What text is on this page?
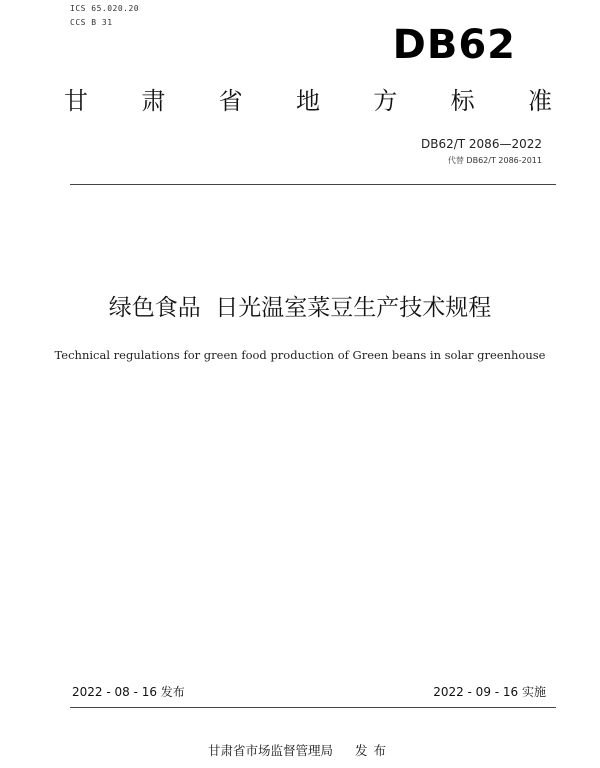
ICS 65.020.20
CCS B 31	DB62
甘 肃 省 地 方 标 准
DB62/T 2086—2022
代替 DB62/T 2086-2011
绿色食品  日光温室菜豆生产技术规程
Technical regulations for green food production of Green beans in solar greenhouse
2022 - 08 - 16 发布	2022 - 09 - 16 实施
甘肃省市场监督管理局 发布
